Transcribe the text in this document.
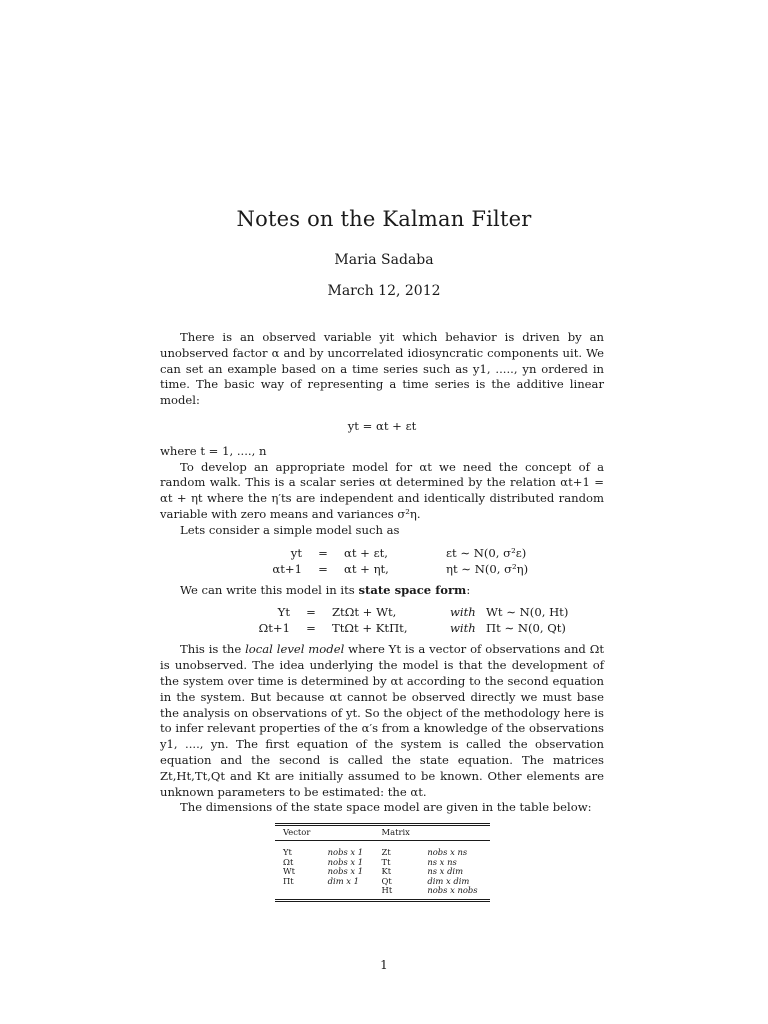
Notes on the Kalman Filter
Maria Sadaba
March 12, 2012

There is an observed variable yit which behavior is driven by an unobserved factor α and by uncorrelated idiosyncratic components uit. We can set an example based on a time series such as y1, ....., yn ordered in time. The basic way of representing a time series is the additive linear model:

yt = αt + εt

where t = 1, ...., n

To develop an appropriate model for αt we need the concept of a random walk. This is a scalar series αt determined by the relation αt+1 = αt + ηt where the η′ts are independent and identically distributed random variable with zero means and variances σ²η.

Lets consider a simple model such as

yt	=	αt + εt,	εt ∼ N(0, σ²ε)
αt+1	=	αt + ηt,	ηt ∼ N(0, σ²η)

We can write this model in its state space form:

Yt	=	ZtΩt + Wt,	with	Wt ∼ N(0, Ht)
Ωt+1	=	TtΩt + KtΠt,	with	Πt ∼ N(0, Qt)

This is the local level model where Yt is a vector of observations and Ωt is unobserved. The idea underlying the model is that the development of the system over time is determined by αt according to the second equation in the system. But because αt cannot be observed directly we must base the analysis on observations of yt. So the object of the methodology here is to infer relevant properties of the α′s from a knowledge of the observations y1, ...., yn. The first equation of the system is called the observation equation and the second is called the state equation. The matrices Zt,Ht,Tt,Qt and Kt are initially assumed to be known. Other elements are unknown parameters to be estimated: the αt.

The dimensions of the state space model are given in the table below:

Vector		Matrix	
Yt	nobs x 1	Zt	nobs x ns
Ωt	nobs x 1	Tt	ns x ns
Wt	nobs x 1	Kt	ns x dim
Πt	dim x 1	Qt	dim x dim
		Ht	nobs x nobs
1
